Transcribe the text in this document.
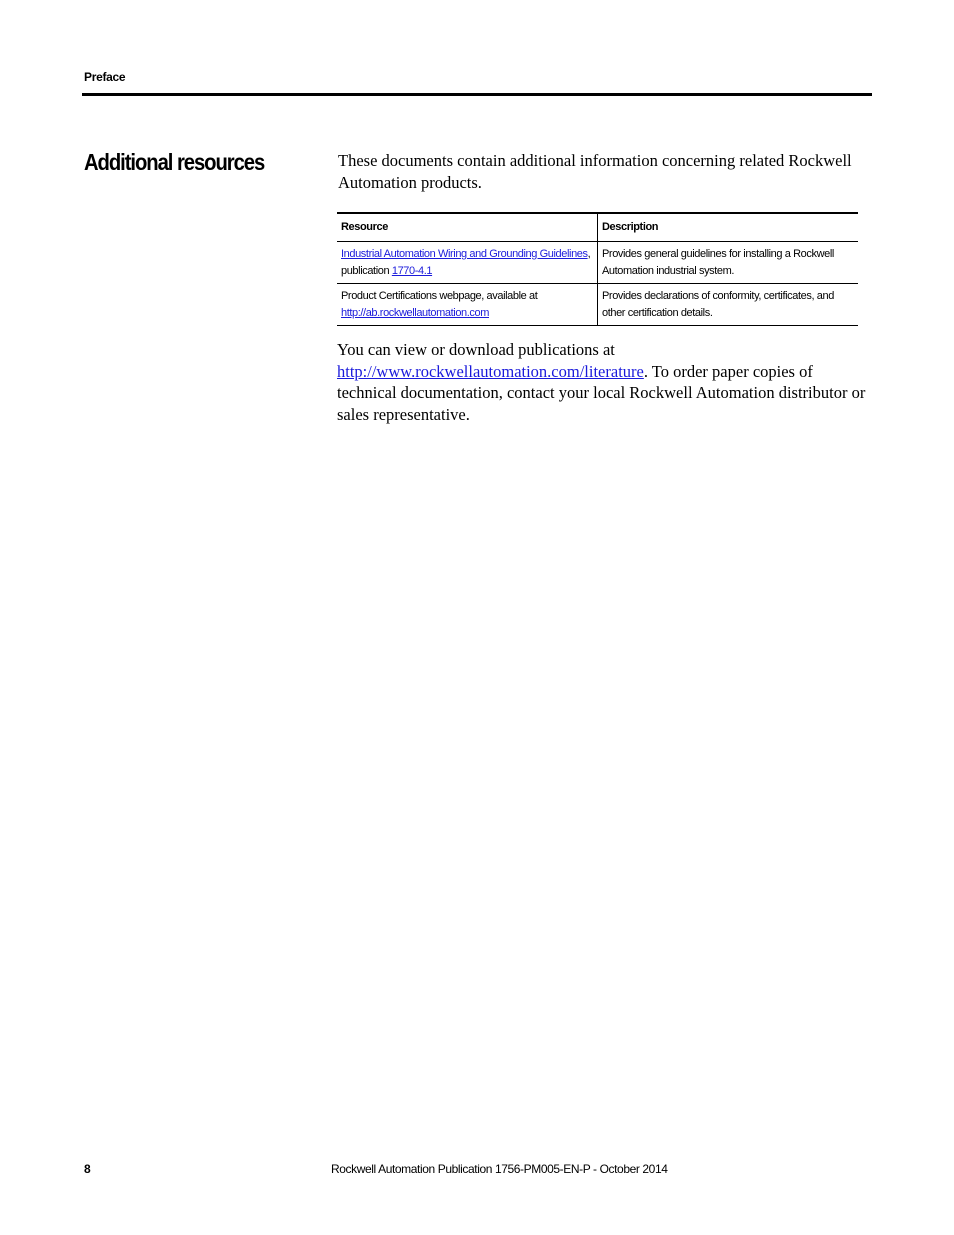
Preface
Additional resources	These documents contain additional information concerning related Rockwell Automation products.

Resource	Description
Industrial Automation Wiring and Grounding Guidelines,
publication 1770-4.1	Provides general guidelines for installing a Rockwell Automation industrial system.
Product Certifications webpage, available at
http://ab.rockwellautomation.com	Provides declarations of conformity, certificates, and other certification details.

You can view or download publications at
http://www.rockwellautomation.com/literature. To order paper copies of technical documentation, contact your local Rockwell Automation distributor or sales representative.

8	Rockwell Automation Publication 1756-PM005-EN-P - October 2014
